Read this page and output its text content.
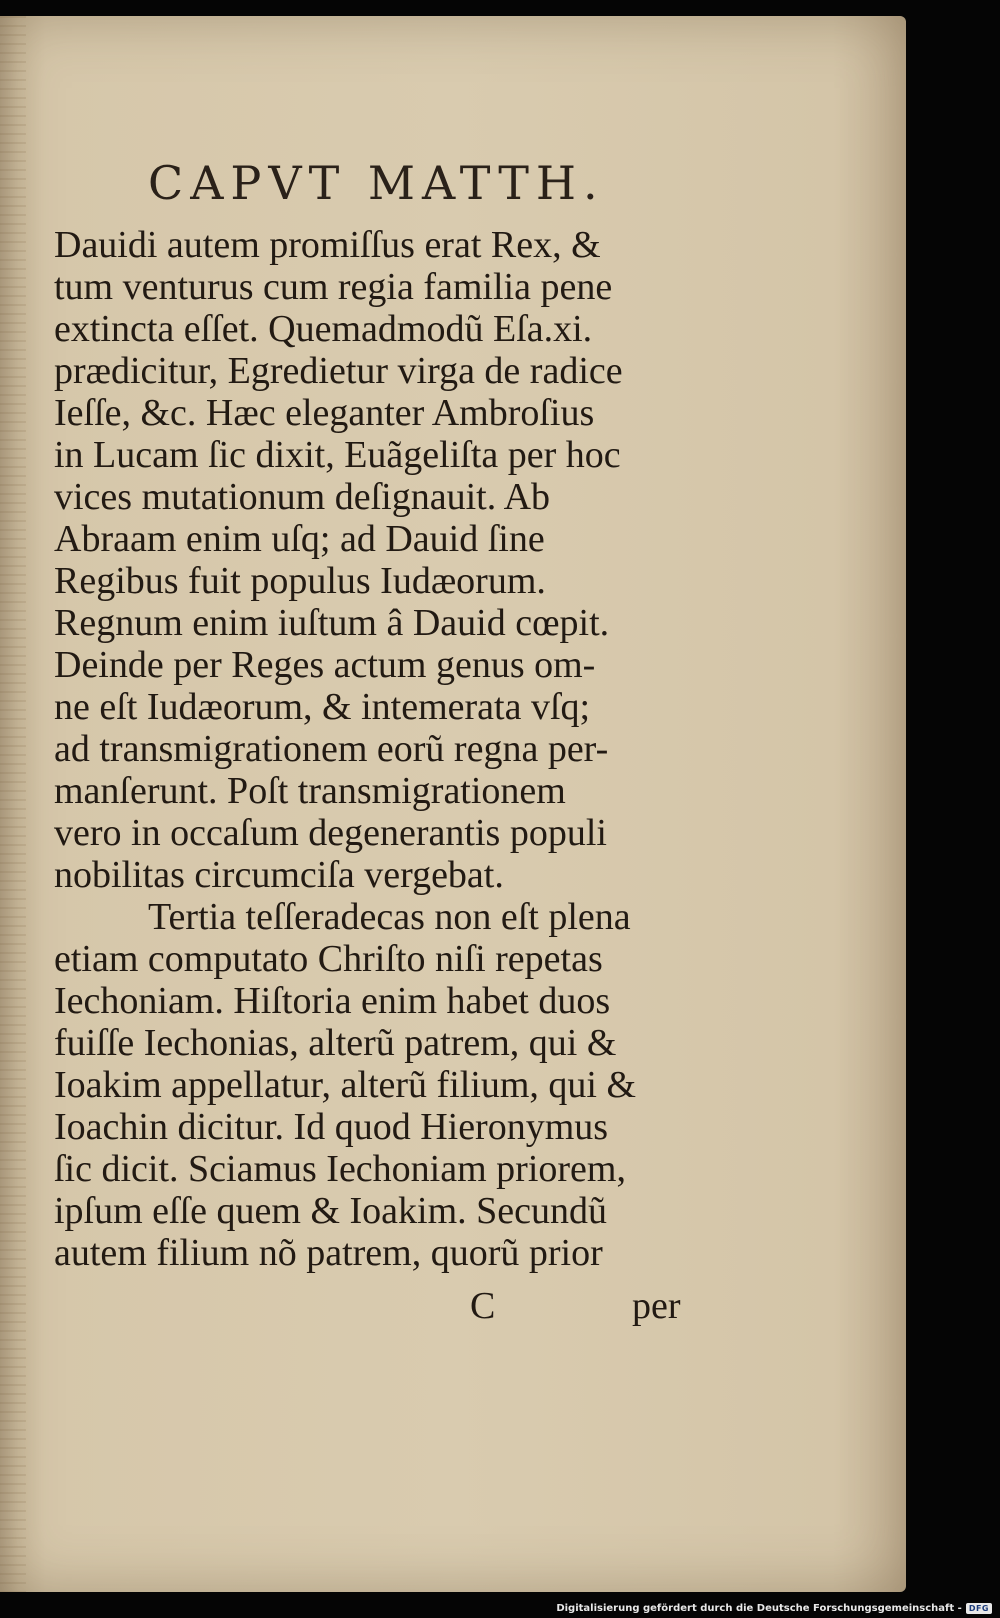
CAPVT MATTH.
Dauidi autem promiſſus erat Rex, &
tum venturus cum regia familia pene
extincta eſſet. Quemadmodũ Eſa.xi.
prædicitur, Egredietur virga de radice
Ieſſe, &c. Hæc eleganter Ambroſius
in Lucam ſic dixit, Euãgeliſta per hoc
vices mutationum deſignauit. Ab
Abraam enim uſq; ad Dauid ſine
Regibus fuit populus Iudæorum.
Regnum enim iuſtum â Dauid cœpit.
Deinde per Reges actum genus om-
ne eſt Iudæorum, & intemerata vſq;
ad transmigrationem eorũ regna per-
manſerunt. Poſt transmigrationem
vero in occaſum degenerantis populi
nobilitas circumciſa vergebat.
Tertia teſſeradecas non eſt plena
etiam computato Chriſto niſi repetas
Iechoniam. Hiſtoria enim habet duos
fuiſſe Iechonias, alterũ patrem, qui &
Ioakim appellatur, alterũ filium, qui &
Ioachin dicitur. Id quod Hieronymus
ſic dicit. Sciamus Iechoniam priorem,
ipſum eſſe quem & Ioakim. Secundũ
autem filium nõ patrem, quorũ prior
C	per
Digitalisierung gefördert durch die Deutsche Forschungsgemeinschaft - DFG
